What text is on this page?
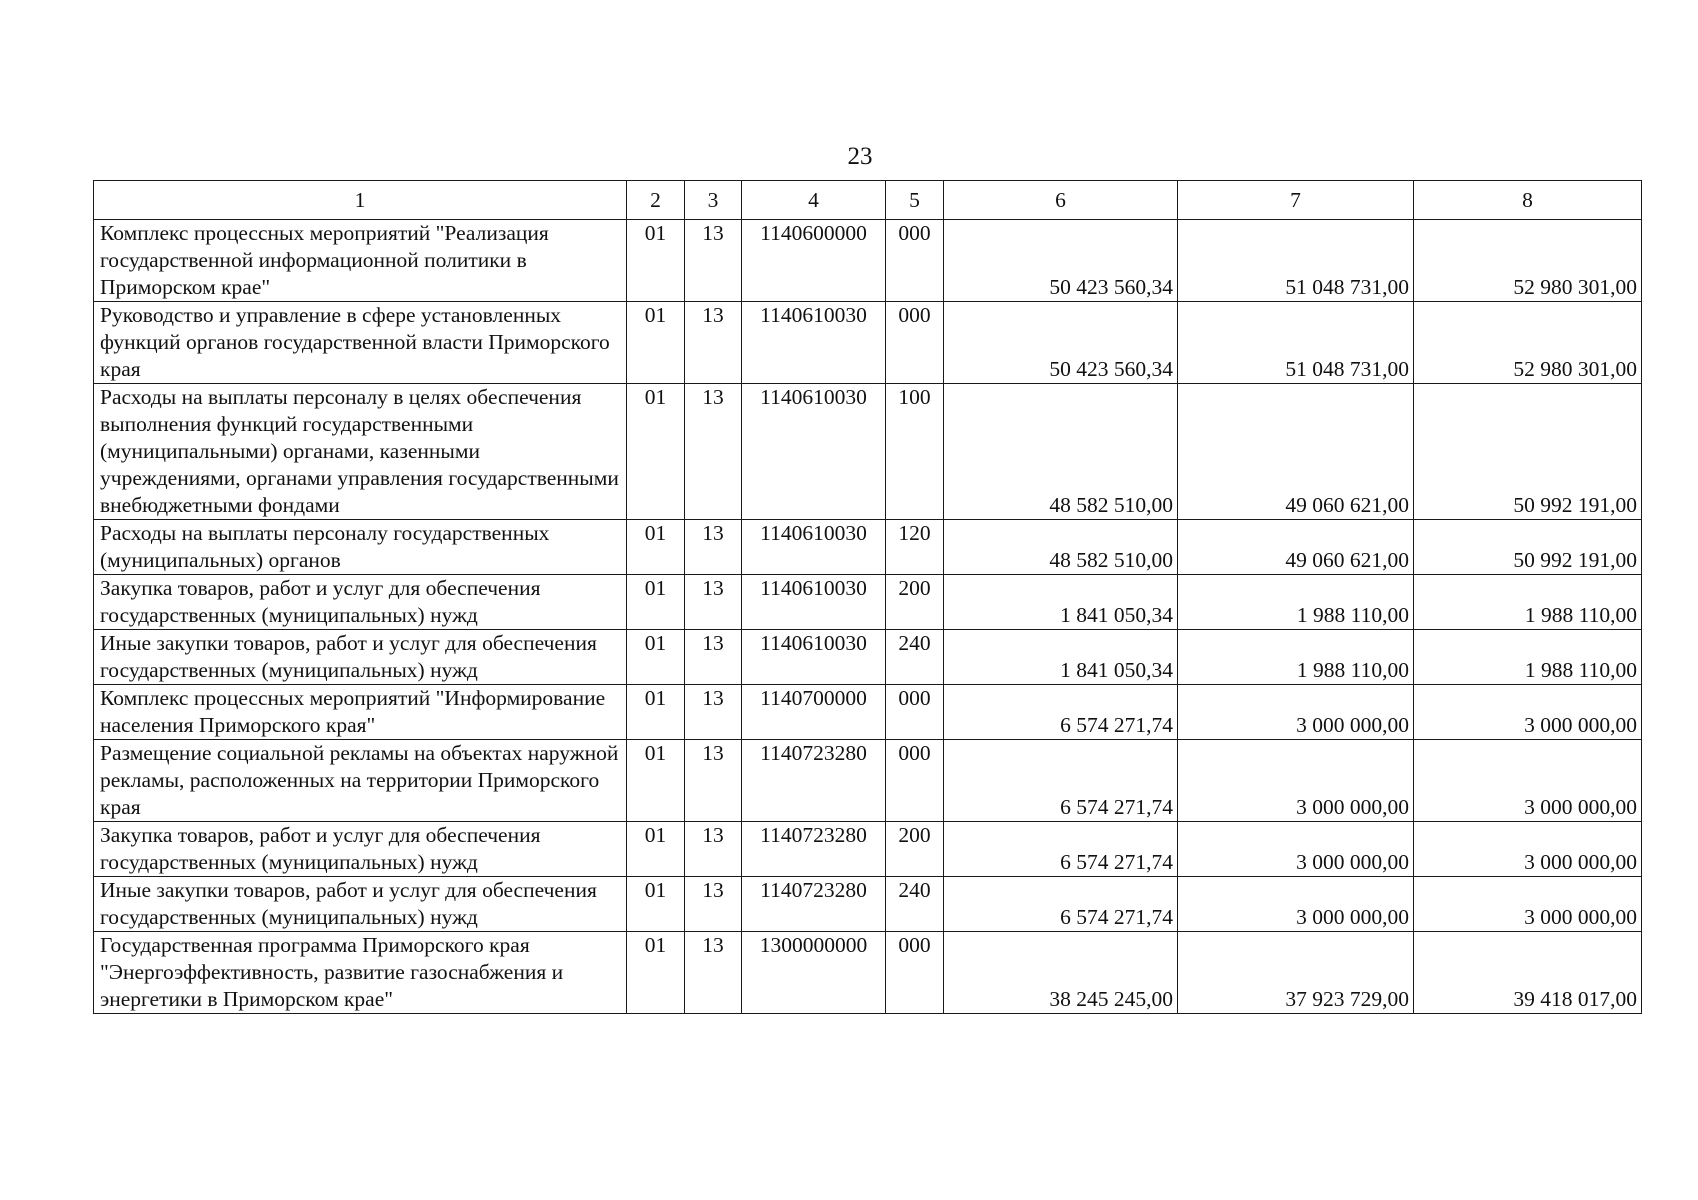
23
1	2	3	4	5	6	7	8
Комплекс процессных мероприятий "Реализация государственной информационной политики в Приморском крае"	01	13	1140600000	000	50 423 560,34	51 048 731,00	52 980 301,00
Руководство и управление в сфере установленных функций органов государственной власти Приморского края	01	13	1140610030	000	50 423 560,34	51 048 731,00	52 980 301,00
Расходы на выплаты персоналу в целях обеспечения выполнения функций государственными (муниципальными) органами, казенными учреждениями, органами управления государственными внебюджетными фондами	01	13	1140610030	100	48 582 510,00	49 060 621,00	50 992 191,00
Расходы на выплаты персоналу государственных (муниципальных) органов	01	13	1140610030	120	48 582 510,00	49 060 621,00	50 992 191,00
Закупка товаров, работ и услуг для обеспечения государственных (муниципальных) нужд	01	13	1140610030	200	1 841 050,34	1 988 110,00	1 988 110,00
Иные закупки товаров, работ и услуг для обеспечения государственных (муниципальных) нужд	01	13	1140610030	240	1 841 050,34	1 988 110,00	1 988 110,00
Комплекс процессных мероприятий "Информирование населения Приморского края"	01	13	1140700000	000	6 574 271,74	3 000 000,00	3 000 000,00
Размещение социальной рекламы на объектах наружной рекламы, расположенных на территории Приморского края	01	13	1140723280	000	6 574 271,74	3 000 000,00	3 000 000,00
Закупка товаров, работ и услуг для обеспечения государственных (муниципальных) нужд	01	13	1140723280	200	6 574 271,74	3 000 000,00	3 000 000,00
Иные закупки товаров, работ и услуг для обеспечения государственных (муниципальных) нужд	01	13	1140723280	240	6 574 271,74	3 000 000,00	3 000 000,00
Государственная программа Приморского края "Энергоэффективность, развитие газоснабжения и энергетики в Приморском крае"	01	13	1300000000	000	38 245 245,00	37 923 729,00	39 418 017,00
